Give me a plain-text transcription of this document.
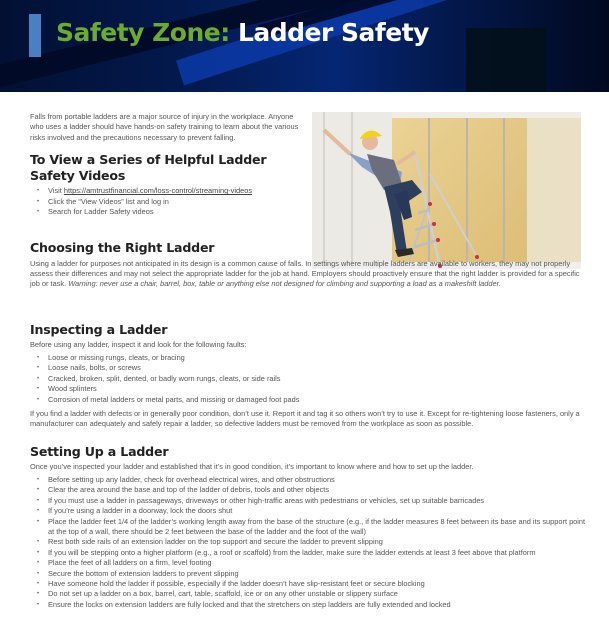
Safety Zone: Ladder Safety

Falls from portable ladders are a major source of injury in the workplace. Anyone who uses a ladder should have hands-on safety training to learn about the various risks involved and the precautions necessary to prevent falling.

To View a Series of Helpful Ladder Safety Videos
• Visit https://amtrustfinancial.com/loss-control/streaming-videos
• Click the “View Videos” list and log in
• Search for Ladder Safety videos
Choosing the Right Ladder

Using a ladder for purposes not anticipated in its design is a common cause of falls. In settings where multiple ladders are available to workers, they may not properly assess their differences and may not select the appropriate ladder for the job at hand. Employers should proactively ensure that the right ladder is provided for a specific job or task. Warning: never use a chair, barrel, box, table or anything else not designed for climbing and supporting a load as a makeshift ladder.

Inspecting a Ladder

Before using any ladder, inspect it and look for the following faults:

• Loose or missing rungs, cleats, or bracing
• Loose nails, bolts, or screws
• Cracked, broken, split, dented, or badly worn rungs, cleats, or side rails
• Wood splinters
• Corrosion of metal ladders or metal parts, and missing or damaged foot pads

If you find a ladder with defects or in generally poor condition, don’t use it. Report it and tag it so others won’t try to use it. Except for re-tightening loose fasteners, only a manufacturer can adequately and safely repair a ladder, so defective ladders must be removed from the workplace as soon as possible.

Setting Up a Ladder

Once you’ve inspected your ladder and established that it’s in good condition, it’s important to know where and how to set up the ladder.

• Before setting up any ladder, check for overhead electrical wires, and other obstructions
• Clear the area around the base and top of the ladder of debris, tools and other objects
• If you must use a ladder in passageways, driveways or other high-traffic areas with pedestrians or vehicles, set up suitable barricades
• If you’re using a ladder in a doorway, lock the doors shut
• Place the ladder feet 1/4 of the ladder’s working length away from the base of the structure (e.g., if the ladder measures 8 feet between its base and its support point at the top of a wall, there should be 2 feet between the base of the ladder and the foot of the wall)
• Rest both side rails of an extension ladder on the top support and secure the ladder to prevent slipping
• If you will be stepping onto a higher platform (e.g., a roof or scaffold) from the ladder, make sure the ladder extends at least 3 feet above that platform
• Place the feet of all ladders on a firm, level footing
• Secure the bottom of extension ladders to prevent slipping
• Have someone hold the ladder if possible, especially if the ladder doesn’t have slip-resistant feet or secure blocking
• Do not set up a ladder on a box, barrel, cart, table, scaffold, ice or on any other unstable or slippery surface
• Ensure the locks on extension ladders are fully locked and that the stretchers on step ladders are fully extended and locked
